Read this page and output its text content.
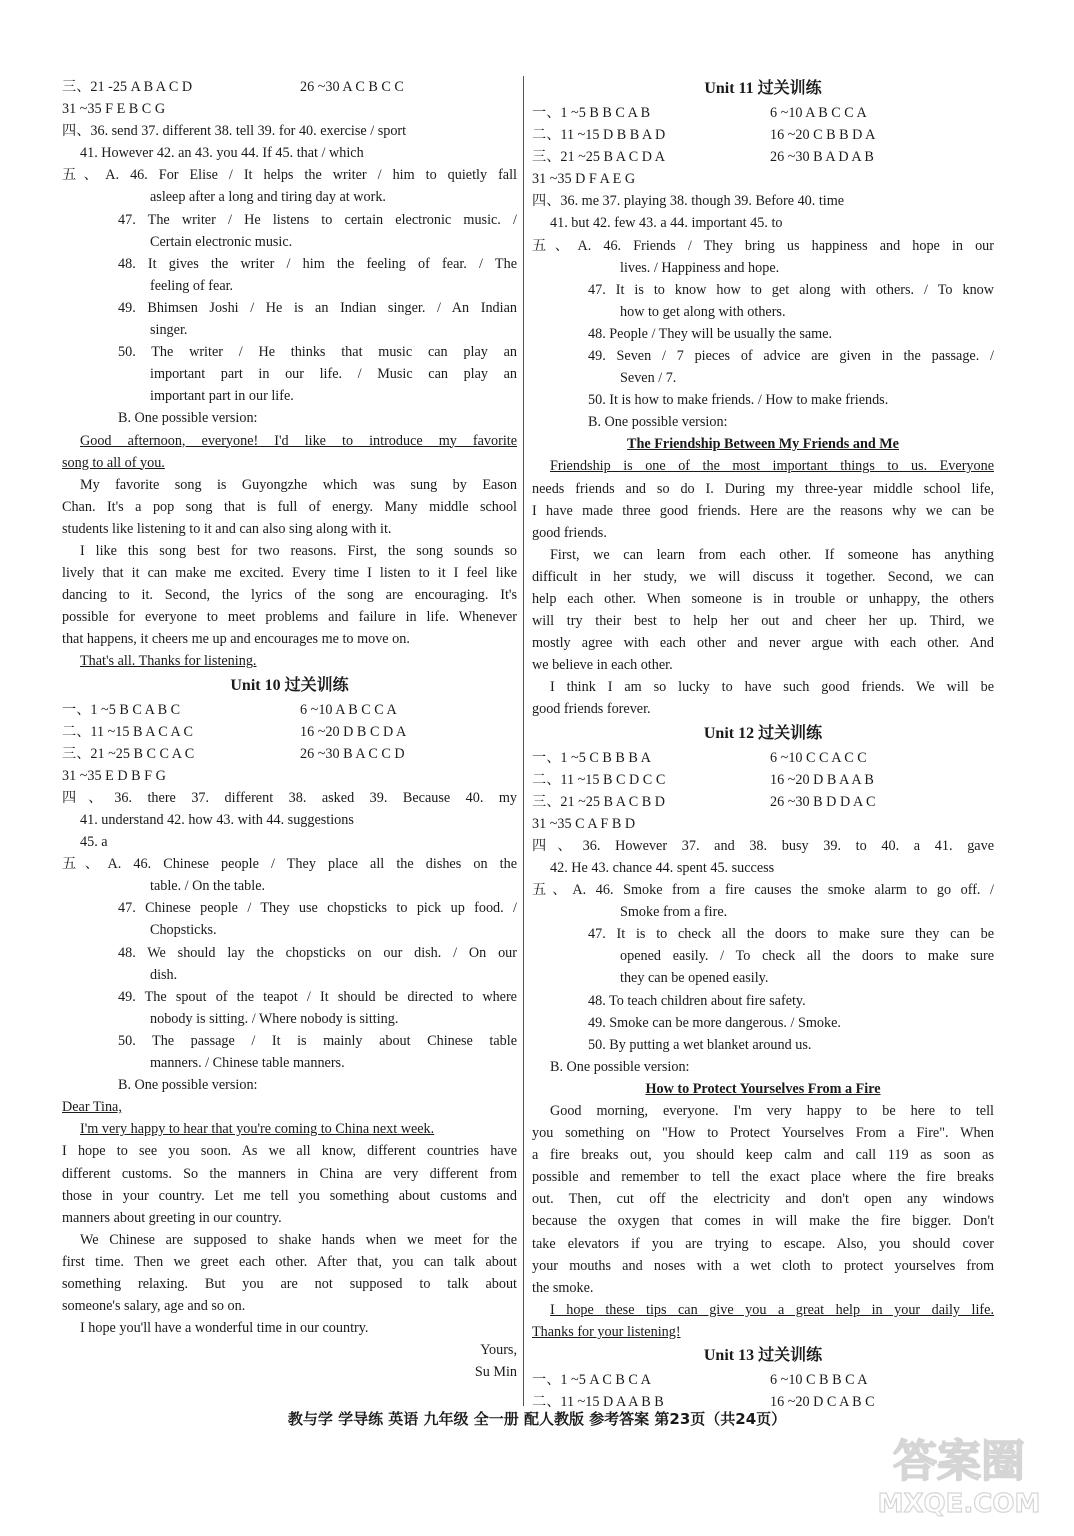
三、21 -25 A B A C D	26 ~30 A C B C C
31 ~35 F E B C G
四、36. send 37. different 38. tell 39. for 40. exercise / sport
41. However 42. an 43. you 44. If 45. that / which
五、A. 46. For Elise / It helps the writer / him to quietly fall
asleep after a long and tiring day at work.
47. The writer / He listens to certain electronic music. /
Certain electronic music.
48. It gives the writer / him the feeling of fear. / The
feeling of fear.
49. Bhimsen Joshi / He is an Indian singer. / An Indian
singer.
50. The writer / He thinks that music can play an
important part in our life. / Music can play an
important part in our life.
B. One possible version:
Good afternoon, everyone! I'd like to introduce my favorite
song to all of you.
My favorite song is Guyongzhe which was sung by Eason
Chan. It's a pop song that is full of energy. Many middle school
students like listening to it and can also sing along with it.
I like this song best for two reasons. First, the song sounds so
lively that it can make me excited. Every time I listen to it I feel like
dancing to it. Second, the lyrics of the song are encouraging. It's
possible for everyone to meet problems and failure in life. Whenever
that happens, it cheers me up and encourages me to move on.
That's all. Thanks for listening.
Unit 10 过关训练
一、1 ~5 B C A B C	6 ~10 A B C C A
二、11 ~15 B A C A C	16 ~20 D B C D A
三、21 ~25 B C C A C	26 ~30 B A C C D
31 ~35 E D B F G
四、36. there 37. different 38. asked 39. Because 40. my
41. understand 42. how 43. with 44. suggestions
45. a
五、A. 46. Chinese people / They place all the dishes on the
table. / On the table.
47. Chinese people / They use chopsticks to pick up food. /
Chopsticks.
48. We should lay the chopsticks on our dish. / On our
dish.
49. The spout of the teapot / It should be directed to where
nobody is sitting. / Where nobody is sitting.
50. The passage / It is mainly about Chinese table
manners. / Chinese table manners.
B. One possible version:
Dear Tina,
I'm very happy to hear that you're coming to China next week.
I hope to see you soon. As we all know, different countries have
different customs. So the manners in China are very different from
those in your country. Let me tell you something about customs and
manners about greeting in our country.
We Chinese are supposed to shake hands when we meet for the
first time. Then we greet each other. After that, you can talk about
something relaxing. But you are not supposed to talk about
someone's salary, age and so on.
I hope you'll have a wonderful time in our country.
Yours,
Su Min
Unit 11 过关训练
一、1 ~5 B B C A B	6 ~10 A B C C A
二、11 ~15 D B B A D	16 ~20 C B B D A
三、21 ~25 B A C D A	26 ~30 B A D A B
31 ~35 D F A E G
四、36. me 37. playing 38. though 39. Before 40. time
41. but 42. few 43. a 44. important 45. to
五、A. 46. Friends / They bring us happiness and hope in our
lives. / Happiness and hope.
47. It is to know how to get along with others. / To know
how to get along with others.
48. People / They will be usually the same.
49. Seven / 7 pieces of advice are given in the passage. /
Seven / 7.
50. It is how to make friends. / How to make friends.
B. One possible version:
The Friendship Between My Friends and Me
Friendship is one of the most important things to us. Everyone
needs friends and so do I. During my three-year middle school life,
I have made three good friends. Here are the reasons why we can be
good friends.
First, we can learn from each other. If someone has anything
difficult in her study, we will discuss it together. Second, we can
help each other. When someone is in trouble or unhappy, the others
will try their best to help her out and cheer her up. Third, we
mostly agree with each other and never argue with each other. And
we believe in each other.
I think I am so lucky to have such good friends. We will be
good friends forever.
Unit 12 过关训练
一、1 ~5 C B B B A	6 ~10 C C A C C
二、11 ~15 B C D C C	16 ~20 D B A A B
三、21 ~25 B A C B D	26 ~30 B D D A C
31 ~35 C A F B D
四、36. However 37. and 38. busy 39. to 40. a 41. gave
42. He 43. chance 44. spent 45. success
五、A. 46. Smoke from a fire causes the smoke alarm to go off. /
Smoke from a fire.
47. It is to check all the doors to make sure they can be
opened easily. / To check all the doors to make sure
they can be opened easily.
48. To teach children about fire safety.
49. Smoke can be more dangerous. / Smoke.
50. By putting a wet blanket around us.
B. One possible version:
How to Protect Yourselves From a Fire
Good morning, everyone. I'm very happy to be here to tell
you something on "How to Protect Yourselves From a Fire". When
a fire breaks out, you should keep calm and call 119 as soon as
possible and remember to tell the exact place where the fire breaks
out. Then, cut off the electricity and don't open any windows
because the oxygen that comes in will make the fire bigger. Don't
take elevators if you are trying to escape. Also, you should cover
your mouths and noses with a wet cloth to protect yourselves from
the smoke.
I hope these tips can give you a great help in your daily life.
Thanks for your listening!
Unit 13 过关训练
一、1 ~5 A C B C A	6 ~10 C B B C A
二、11 ~15 D A A B B	16 ~20 D C A B C
教与学 学导练 英语 九年级 全一册 配人教版 参考答案 第23页（共24页）
答案圈
MXQE.COM
